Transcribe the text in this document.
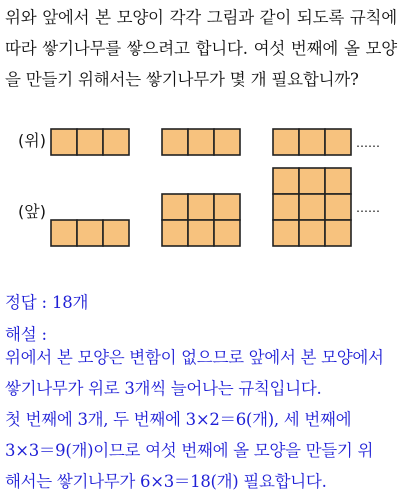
위와 앞에서 본 모양이 각각 그림과 같이 되도록 규칙에 따라 쌓기나무를 쌓으려고 합니다. 여섯 번째에 올 모양을 만들기 위해서는 쌓기나무가 몇 개 필요합니까?

(위)
(앞)
……
……
정답 : 18개
해설 :

위에서 본 모양은 변함이 없으므로 앞에서 본 모양에서

쌓기나무가 위로 3개씩 늘어나는 규칙입니다.

첫 번째에 3개, 두 번째에 3×2＝6(개), 세 번째에

3×3＝9(개)이므로 여섯 번째에 올 모양을 만들기 위

해서는 쌓기나무가 6×3＝18(개) 필요합니다.
